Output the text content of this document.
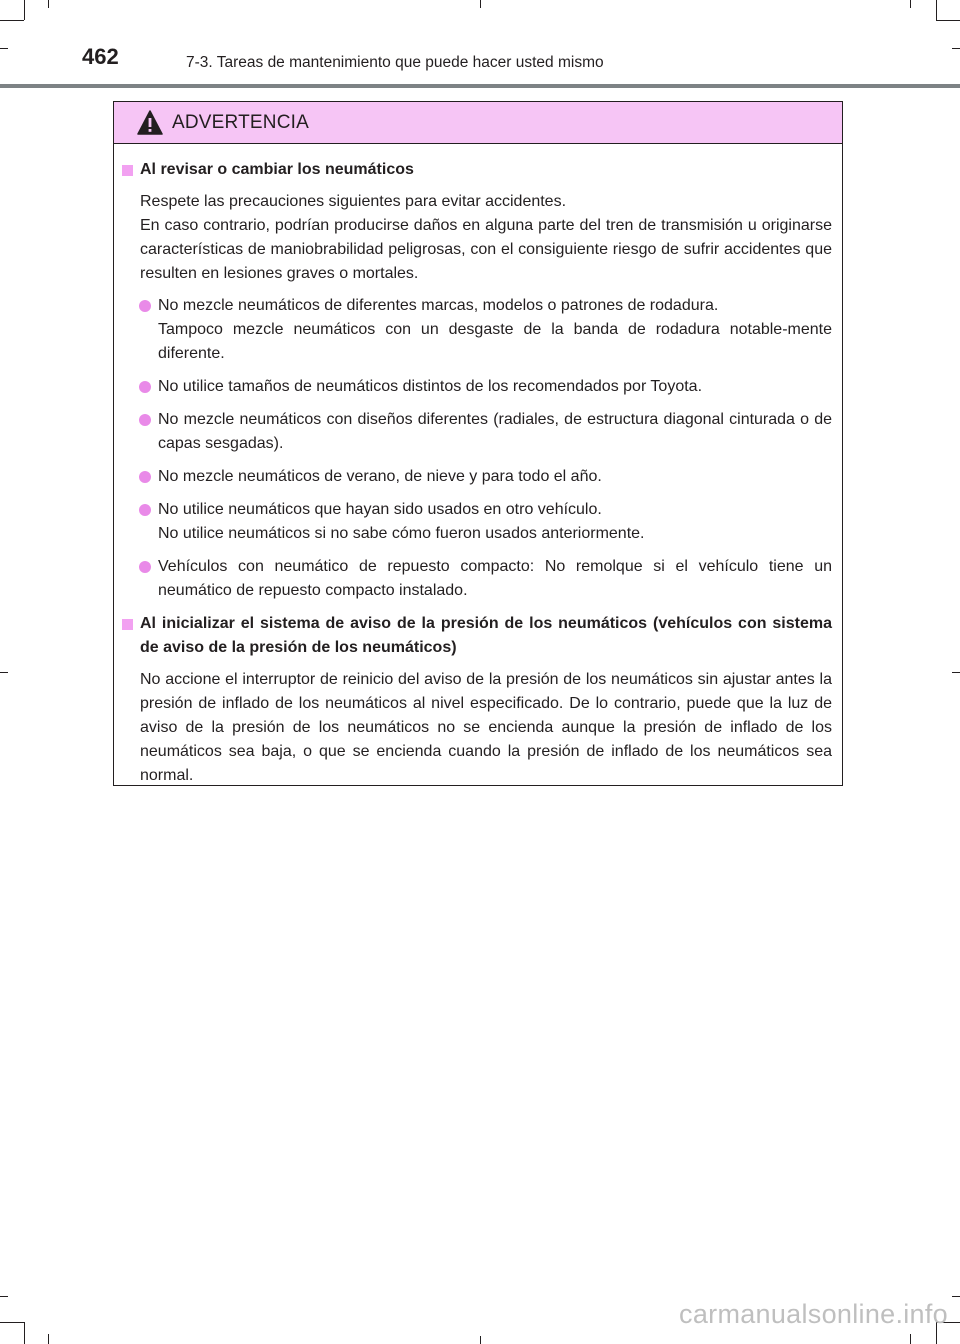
462	7-3. Tareas de mantenimiento que puede hacer usted mismo
ADVERTENCIA
Al revisar o cambiar los neumáticos
Respete las precauciones siguientes para evitar accidentes.
En caso contrario, podrían producirse daños en alguna parte del tren de transmisión u originarse características de maniobrabilidad peligrosas, con el consiguiente riesgo de sufrir accidentes que resulten en lesiones graves o mortales.
No mezcle neumáticos de diferentes marcas, modelos o patrones de rodadura.
Tampoco mezcle neumáticos con un desgaste de la banda de rodadura notable-mente diferente.
No utilice tamaños de neumáticos distintos de los recomendados por Toyota.
No mezcle neumáticos con diseños diferentes (radiales, de estructura diagonal cinturada o de capas sesgadas).
No mezcle neumáticos de verano, de nieve y para todo el año.
No utilice neumáticos que hayan sido usados en otro vehículo.
No utilice neumáticos si no sabe cómo fueron usados anteriormente.
Vehículos con neumático de repuesto compacto: No remolque si el vehículo tiene un neumático de repuesto compacto instalado.
Al inicializar el sistema de aviso de la presión de los neumáticos (vehículos con sistema de aviso de la presión de los neumáticos)
No accione el interruptor de reinicio del aviso de la presión de los neumáticos sin ajustar antes la presión de inflado de los neumáticos al nivel especificado. De lo contrario, puede que la luz de aviso de la presión de los neumáticos no se encienda aunque la presión de inflado de los neumáticos sea baja, o que se encienda cuando la presión de inflado de los neumáticos sea normal.
carmanualsonline.info
